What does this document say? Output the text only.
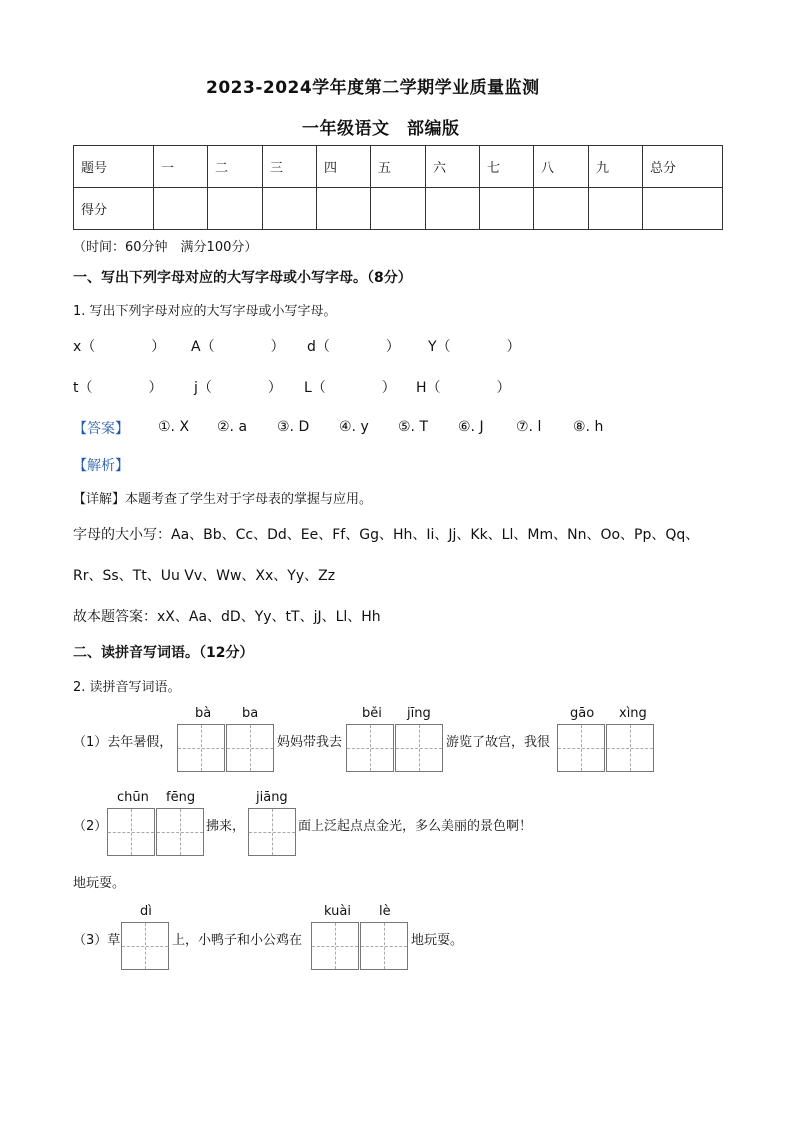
2023-2024学年度第二学期学业质量监测
一年级语文　部编版
题号	一	二	三	四	五	六	七	八	九	总分
得分										
（时间：60分钟　满分100分）
一、写出下列字母对应的大写字母或小写字母。（8分）
1. 写出下列字母对应的大写字母或小写字母。
x（　　　　） A（　　　　） d（　　　　） Y（　　　　）
t（　　　　） j（　　　　） L（　　　　） H（　　　　）
【答案】 ①. X ②. a ③. D ④. y ⑤. T ⑥. J ⑦. l ⑧. h
【解析】
【详解】本题考查了学生对于字母表的掌握与应用。
字母的大小写：Aa、Bb、Cc、Dd、Ee、Ff、Gg、Hh、Ii、Jj、Kk、Ll、Mm、Nn、Oo、Pp、Qq、
Rr、Ss、Tt、Uu Vv、Ww、Xx、Yy、Zz
故本题答案：xX、Aa、dD、Yy、tT、jJ、Ll、Hh
二、读拼音写词语。（12分）
2. 读拼音写词语。
bà ba	běi jīng	gāo xìng
（1）去年暑假，	妈妈带我去	游览了故宫，我很
chūn fēng	jiāng
（2）	拂来，	面上泛起点点金光，多么美丽的景色啊！
地玩耍。
dì	kuài lè
（3）草	上，小鸭子和小公鸡在	地玩耍。
